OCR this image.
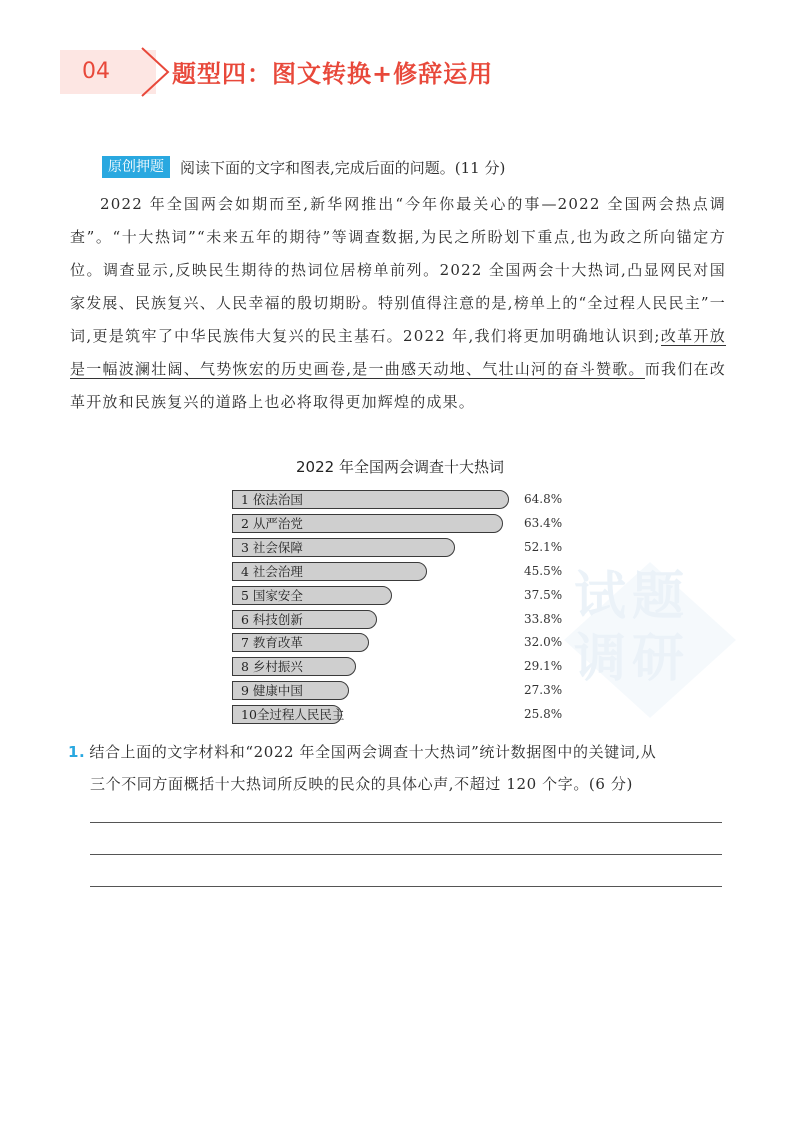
04	题型四：图文转换+修辞运用
试题
调研
原创押题 阅读下面的文字和图表,完成后面的问题。(11 分)

2022 年全国两会如期而至,新华网推出“今年你最关心的事—2022 全国两会热点调查”。“十大热词”“未来五年的期待”等调查数据,为民之所盼划下重点,也为政之所向锚定方位。调查显示,反映民生期待的热词位居榜单前列。2022 全国两会十大热词,凸显网民对国家发展、民族复兴、人民幸福的殷切期盼。特别值得注意的是,榜单上的“全过程人民民主”一词,更是筑牢了中华民族伟大复兴的民主基石。2022 年,我们将更加明确地认识到;改革开放是一幅波澜壮阔、气势恢宏的历史画卷,是一曲感天动地、气壮山河的奋斗赞歌。而我们在改革开放和民族复兴的道路上也必将取得更加辉煌的成果。

2022 年全国两会调查十大热词
1 依法治国	64.8%
2 从严治党	63.4%
3 社会保障	52.1%
4 社会治理	45.5%
5 国家安全	37.5%
6 科技创新	33.8%
7 教育改革	32.0%
8 乡村振兴	29.1%
9 健康中国	27.3%
10全过程人民民主	25.8%
1. 结合上面的文字材料和“2022 年全国两会调查十大热词”统计数据图中的关键词,从
三个不同方面概括十大热词所反映的民众的具体心声,不超过 120 个字。(6 分)
